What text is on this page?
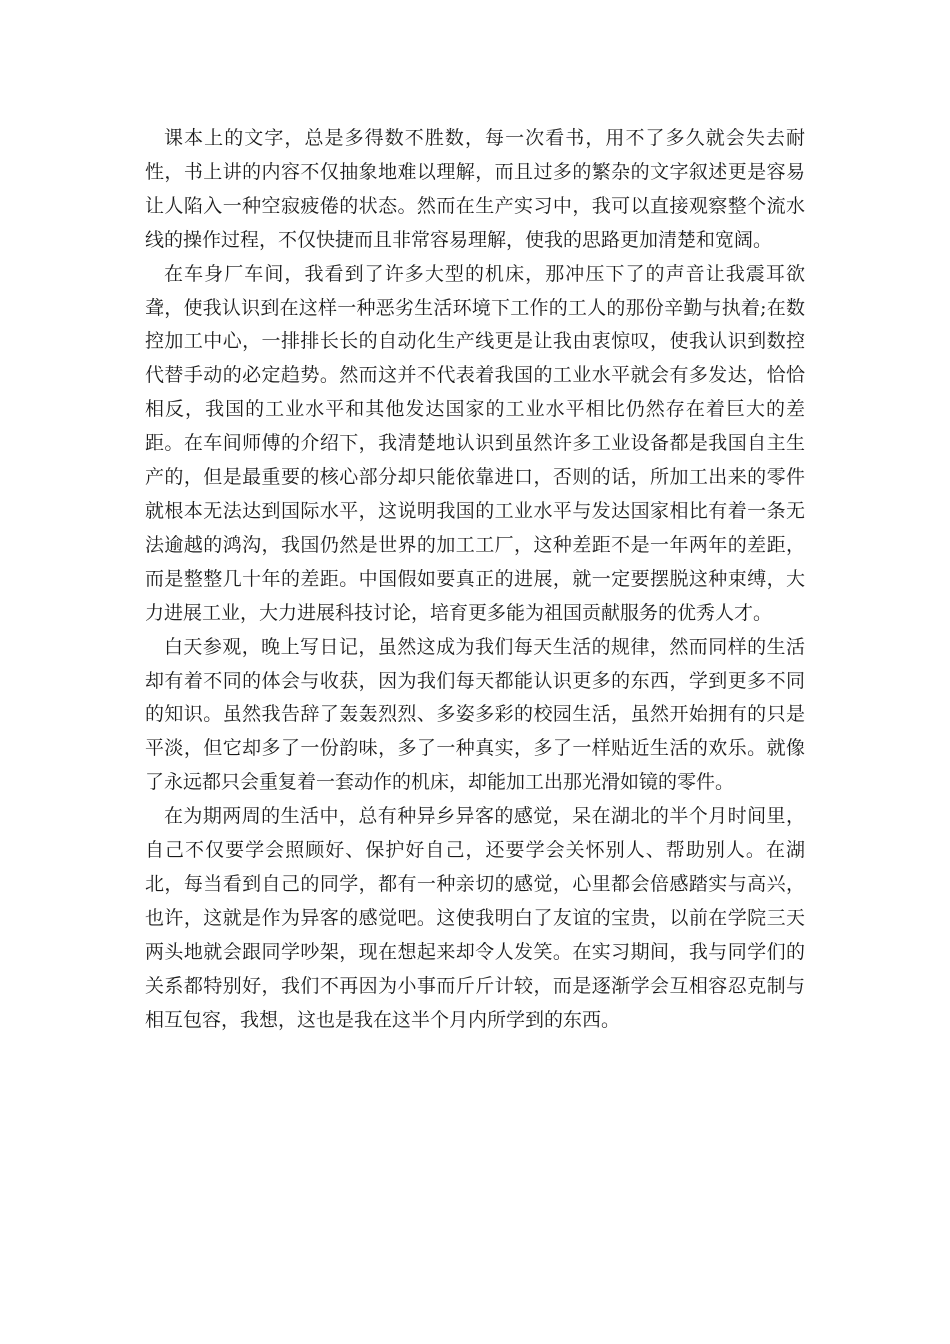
课本上的文字，总是多得数不胜数，每一次看书，用不了多久就会失去耐性，书上讲的内容不仅抽象地难以理解，而且过多的繁杂的文字叙述更是容易让人陷入一种空寂疲倦的状态。然而在生产实习中，我可以直接观察整个流水线的操作过程，不仅快捷而且非常容易理解，使我的思路更加清楚和宽阔。

在车身厂车间，我看到了许多大型的机床，那冲压下了的声音让我震耳欲聋，使我认识到在这样一种恶劣生活环境下工作的工人的那份辛勤与执着;在数控加工中心，一排排长长的自动化生产线更是让我由衷惊叹，使我认识到数控代替手动的必定趋势。然而这并不代表着我国的工业水平就会有多发达，恰恰相反，我国的工业水平和其他发达国家的工业水平相比仍然存在着巨大的差距。在车间师傅的介绍下，我清楚地认识到虽然许多工业设备都是我国自主生产的，但是最重要的核心部分却只能依靠进口，否则的话，所加工出来的零件就根本无法达到国际水平，这说明我国的工业水平与发达国家相比有着一条无法逾越的鸿沟，我国仍然是世界的加工工厂，这种差距不是一年两年的差距，而是整整几十年的差距。中国假如要真正的进展，就一定要摆脱这种束缚，大力进展工业，大力进展科技讨论，培育更多能为祖国贡献服务的优秀人才。

白天参观，晚上写日记，虽然这成为我们每天生活的规律，然而同样的生活却有着不同的体会与收获，因为我们每天都能认识更多的东西，学到更多不同的知识。虽然我告辞了轰轰烈烈、多姿多彩的校园生活，虽然开始拥有的只是平淡，但它却多了一份韵味，多了一种真实，多了一样贴近生活的欢乐。就像了永远都只会重复着一套动作的机床，却能加工出那光滑如镜的零件。

在为期两周的生活中，总有种异乡异客的感觉，呆在湖北的半个月时间里，自己不仅要学会照顾好、保护好自己，还要学会关怀别人、帮助别人。在湖北，每当看到自己的同学，都有一种亲切的感觉，心里都会倍感踏实与高兴，也许，这就是作为异客的感觉吧。这使我明白了友谊的宝贵，以前在学院三天两头地就会跟同学吵架，现在想起来却令人发笑。在实习期间，我与同学们的关系都特别好，我们不再因为小事而斤斤计较，而是逐渐学会互相容忍克制与相互包容，我想，这也是我在这半个月内所学到的东西。
